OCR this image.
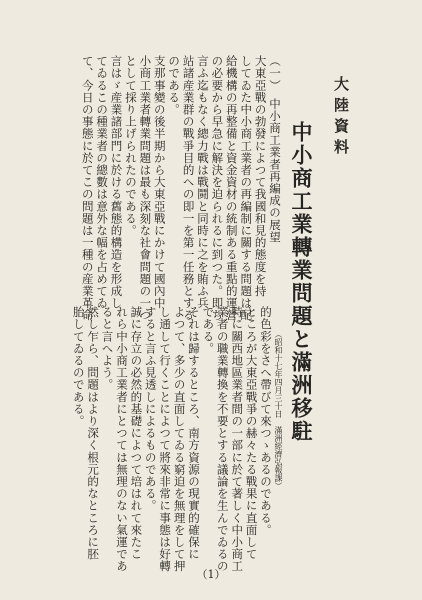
大陸資料

中小商工業轉業問題と滿洲移駐

（昭和十七年四月三十日　滿洲經濟弘報課）

（一）　中小商工業者再編成の展望
大東亞戰の勃發によつて我國和見的態度を持
してゐた中小商工業者の再編制に關する問題は配
給機構の再整備と資金資材の統制ある重點的運營
の必要から早急に解決を迫られるに到つた。即ち
言ふ迄もなく總力戰は戰鬪と同時に之を賄ふ兵
站諸産業群の戰爭目的への即一を第一任務とする
のである。
支那事變の後半期から大東亞戰にかけて國內中
小商工業者轉業問題は最も深刻な社會問題の一つ
として採り上げられたのである。
言はゞ産業諸部門に於ける舊態的構造を形成し
てゐるこの種業者の總數は意外な幅を占めてゐ
て、今日の事態に於てこの問題は一種の産業革命
的色彩をさへ帶びて來つゝあるのである。
ところが大東亞戰爭の赫々たる戰果に直面して
特に關西地區業者間の一部に於て著しく中小商工
業者の職業轉換を不要とする議論を生んでゐるの
である。
それは歸するところ、南方資源の現實的確保に
よつて、多少の直面してゐる窮迫を無理をして押
し通して行くことによつて將來非常に事態は好轉
すると言ふ見透しによるものである。
誠に存立の必然的基礎によつて培はれて來たこ
れら中小商工業者にとつては無理のない氣運であ
ると言へよう。
然し乍ら、問題はより深く根元的なところに胚
胎してゐるのである。
（1）
